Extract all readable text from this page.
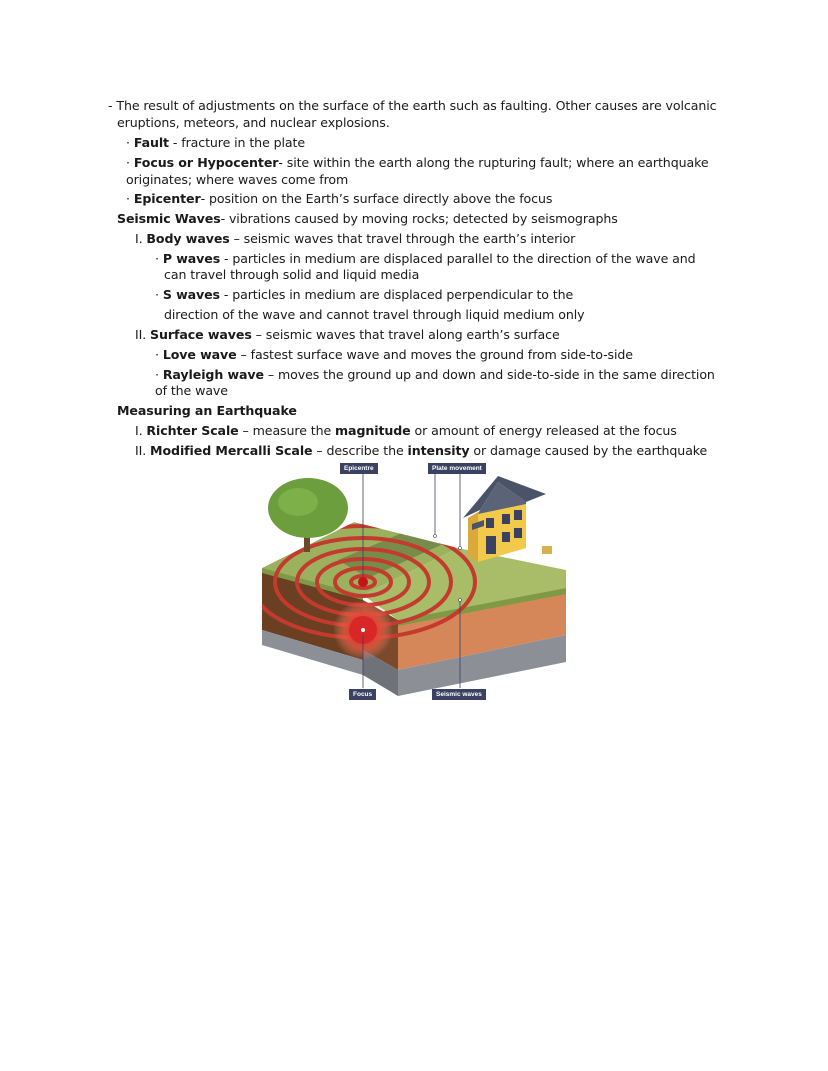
- The result of adjustments on the surface of the earth such as faulting. Other causes are volcanic
eruptions, meteors, and nuclear explosions.
· Fault - fracture in the plate
· Focus or Hypocenter- site within the earth along the rupturing fault; where an earthquake
originates; where waves come from
· Epicenter- position on the Earth’s surface directly above the focus
Seismic Waves- vibrations caused by moving rocks; detected by seismographs
I. Body waves – seismic waves that travel through the earth’s interior
· P waves - particles in medium are displaced parallel to the direction of the wave and
can travel through solid and liquid media
· S waves - particles in medium are displaced perpendicular to the
direction of the wave and cannot travel through liquid medium only
II. Surface waves – seismic waves that travel along earth’s surface
· Love wave – fastest surface wave and moves the ground from side-to-side
· Rayleigh wave – moves the ground up and down and side-to-side in the same direction
of the wave
Measuring an Earthquake
I. Richter Scale – measure the magnitude or amount of energy released at the focus
II. Modified Mercalli Scale – describe the intensity or damage caused by the earthquake
Epicentre	Plate movement
Focus	Seismic waves
